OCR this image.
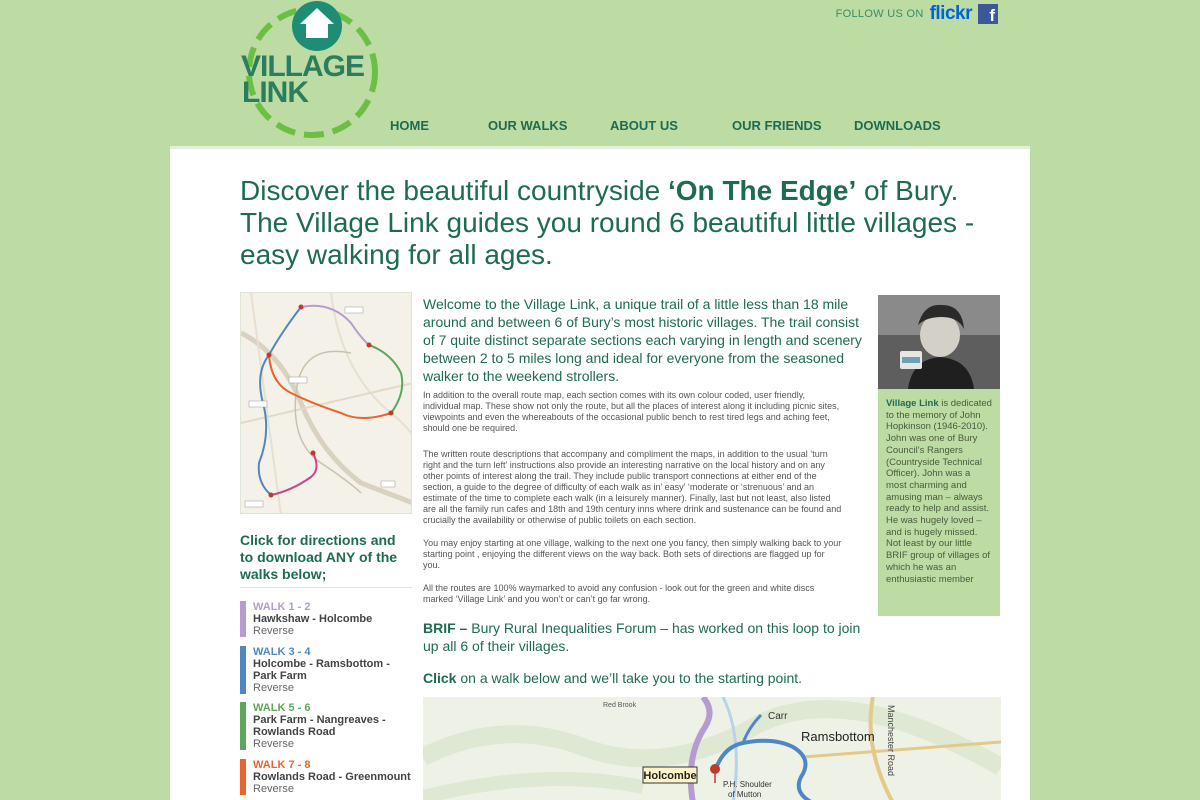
VILLAGE
LINK
FOLLOW US ON flickr	f
HOME	OUR WALKS	ABOUT US	OUR FRIENDS DOWNLOADS
Discover the beautiful countryside ‘On The Edge’ of Bury. The Village Link guides you round 6 beautiful little villages - easy walking for all ages.
Click for directions and to download ANY of the walks below;
WALK 1 - 2
Hawkshaw - Holcombe
Reverse
WALK 3 - 4
Holcombe - Ramsbottom - Park Farm
Reverse
WALK 5 - 6
Park Farm - Nangreaves - Rowlands Road
Reverse
WALK 7 - 8
Rowlands Road - Greenmount
Reverse

Welcome to the Village Link, a unique trail of a little less than 18 mile around and between 6 of Bury’s most historic villages. The trail consist of 7 quite distinct separate sections each varying in length and scenery between 2 to 5 miles long and ideal for everyone from the seasoned walker to the weekend strollers.

In addition to the overall route map, each section comes with its own colour coded, user friendly, individual map. These show not only the route, but all the places of interest along it including picnic sites, viewpoints and even the whereabouts of the occasional public bench to rest tired legs and aching feet, should one be required.

The written route descriptions that accompany and compliment the maps, in addition to the usual ‘turn right and the turn left’ instructions also provide an interesting narrative on the local history and on any other points of interest along the trail. They include public transport connections at either end of the section, a guide to the degree of difficulty of each walk as in’ easy’ ‘moderate or ‘strenuous’ and an estimate of the time to complete each walk (in a leisurely manner). Finally, last but not least, also listed are all the family run cafes and 18th and 19th century inns where drink and sustenance can be found and crucially the availability or otherwise of public toilets on each section.

You may enjoy starting at one village, walking to the next one you fancy, then simply walking back to your starting point , enjoying the different views on the way back. Both sets of directions are flagged up for you.

All the routes are 100% waymarked to avoid any confusion - look out for the green and white discs marked ‘Village Link’ and you won’t or can’t go far wrong.

BRIF – Bury Rural Inequalities Forum – has worked on this loop to join up all 6 of their villages.

Click on a walk below and we’ll take you to the starting point.

Holcombe
Ramsbottom
Carr
Red Brook
P.H. Shoulder
of Mutton
Manchester Road
Village Link is dedicated to the memory of John Hopkinson (1946-2010). John was one of Bury Council’s Rangers (Countryside Technical Officer). John was a most charming and amusing man – always ready to help and assist. He was hugely loved – and is hugely missed. Not least by our little BRIF group of villages of which he was an enthusiastic member
